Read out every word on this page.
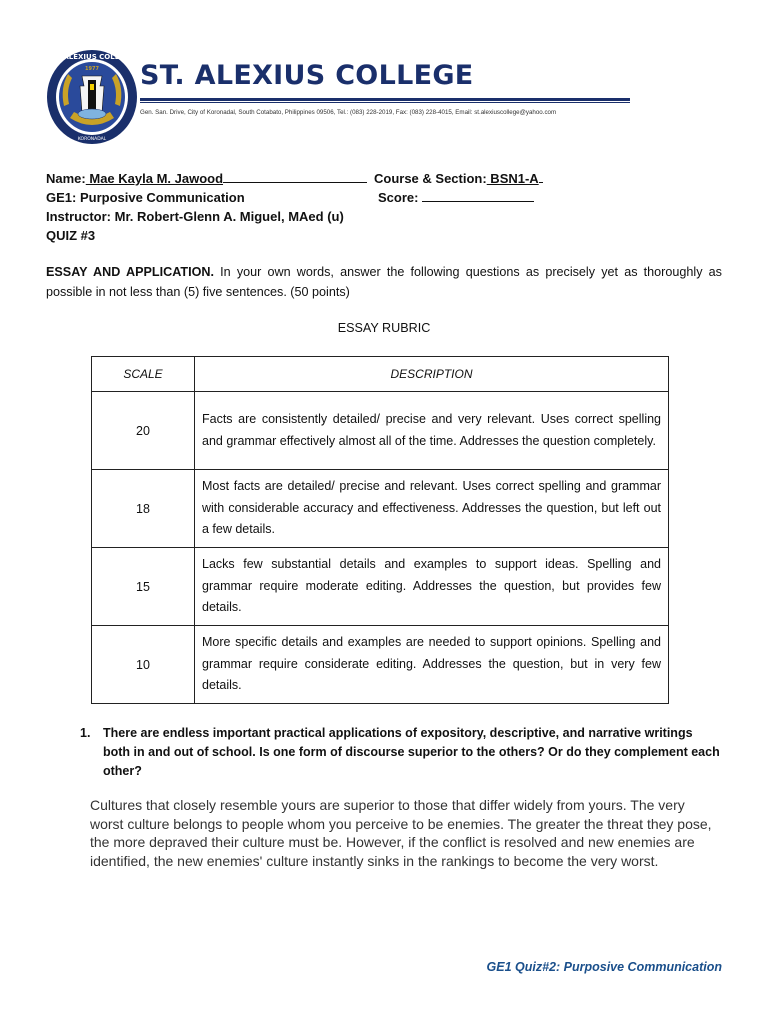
1977
ST. ALEXIUS COLLEGE
KORONADAL
ST. ALEXIUS COLLEGE
Gen. San. Drive, City of Koronadal, South Cotabato, Philippines 09506, Tel.: (083) 228-2019, Fax: (083) 228-4015, Email: st.alexiuscollege@yahoo.com
Name: Mae Kayla M. Jawood	Course & Section: BSN1-A
GE1: Purposive Communication	Score:
Instructor: Mr. Robert-Glenn A. Miguel, MAed (u)
QUIZ #3
ESSAY AND APPLICATION. In your own words, answer the following questions as precisely yet as thoroughly as possible in not less than (5) five sentences. (50 points)
ESSAY RUBRIC
SCALE	DESCRIPTION
20	Facts are consistently detailed/ precise and very relevant. Uses correct spelling and grammar effectively almost all of the time. Addresses the question completely.
18	Most facts are detailed/ precise and relevant. Uses correct spelling and grammar with considerable accuracy and effectiveness. Addresses the question, but left out a few details.
15	Lacks few substantial details and examples to support ideas. Spelling and grammar require moderate editing. Addresses the question, but provides few details.
10	More specific details and examples are needed to support opinions. Spelling and grammar require considerate editing. Addresses the question, but in very few details.
1. There are endless important practical applications of expository, descriptive, and narrative writings both in and out of school. Is one form of discourse superior to the others? Or do they complement each other?
Cultures that closely resemble yours are superior to those that differ widely from yours. The very worst culture belongs to people whom you perceive to be enemies. The greater the threat they pose, the more depraved their culture must be. However, if the conflict is resolved and new enemies are identified, the new enemies' culture instantly sinks in the rankings to become the very worst.
GE1 Quiz#2: Purposive Communication
